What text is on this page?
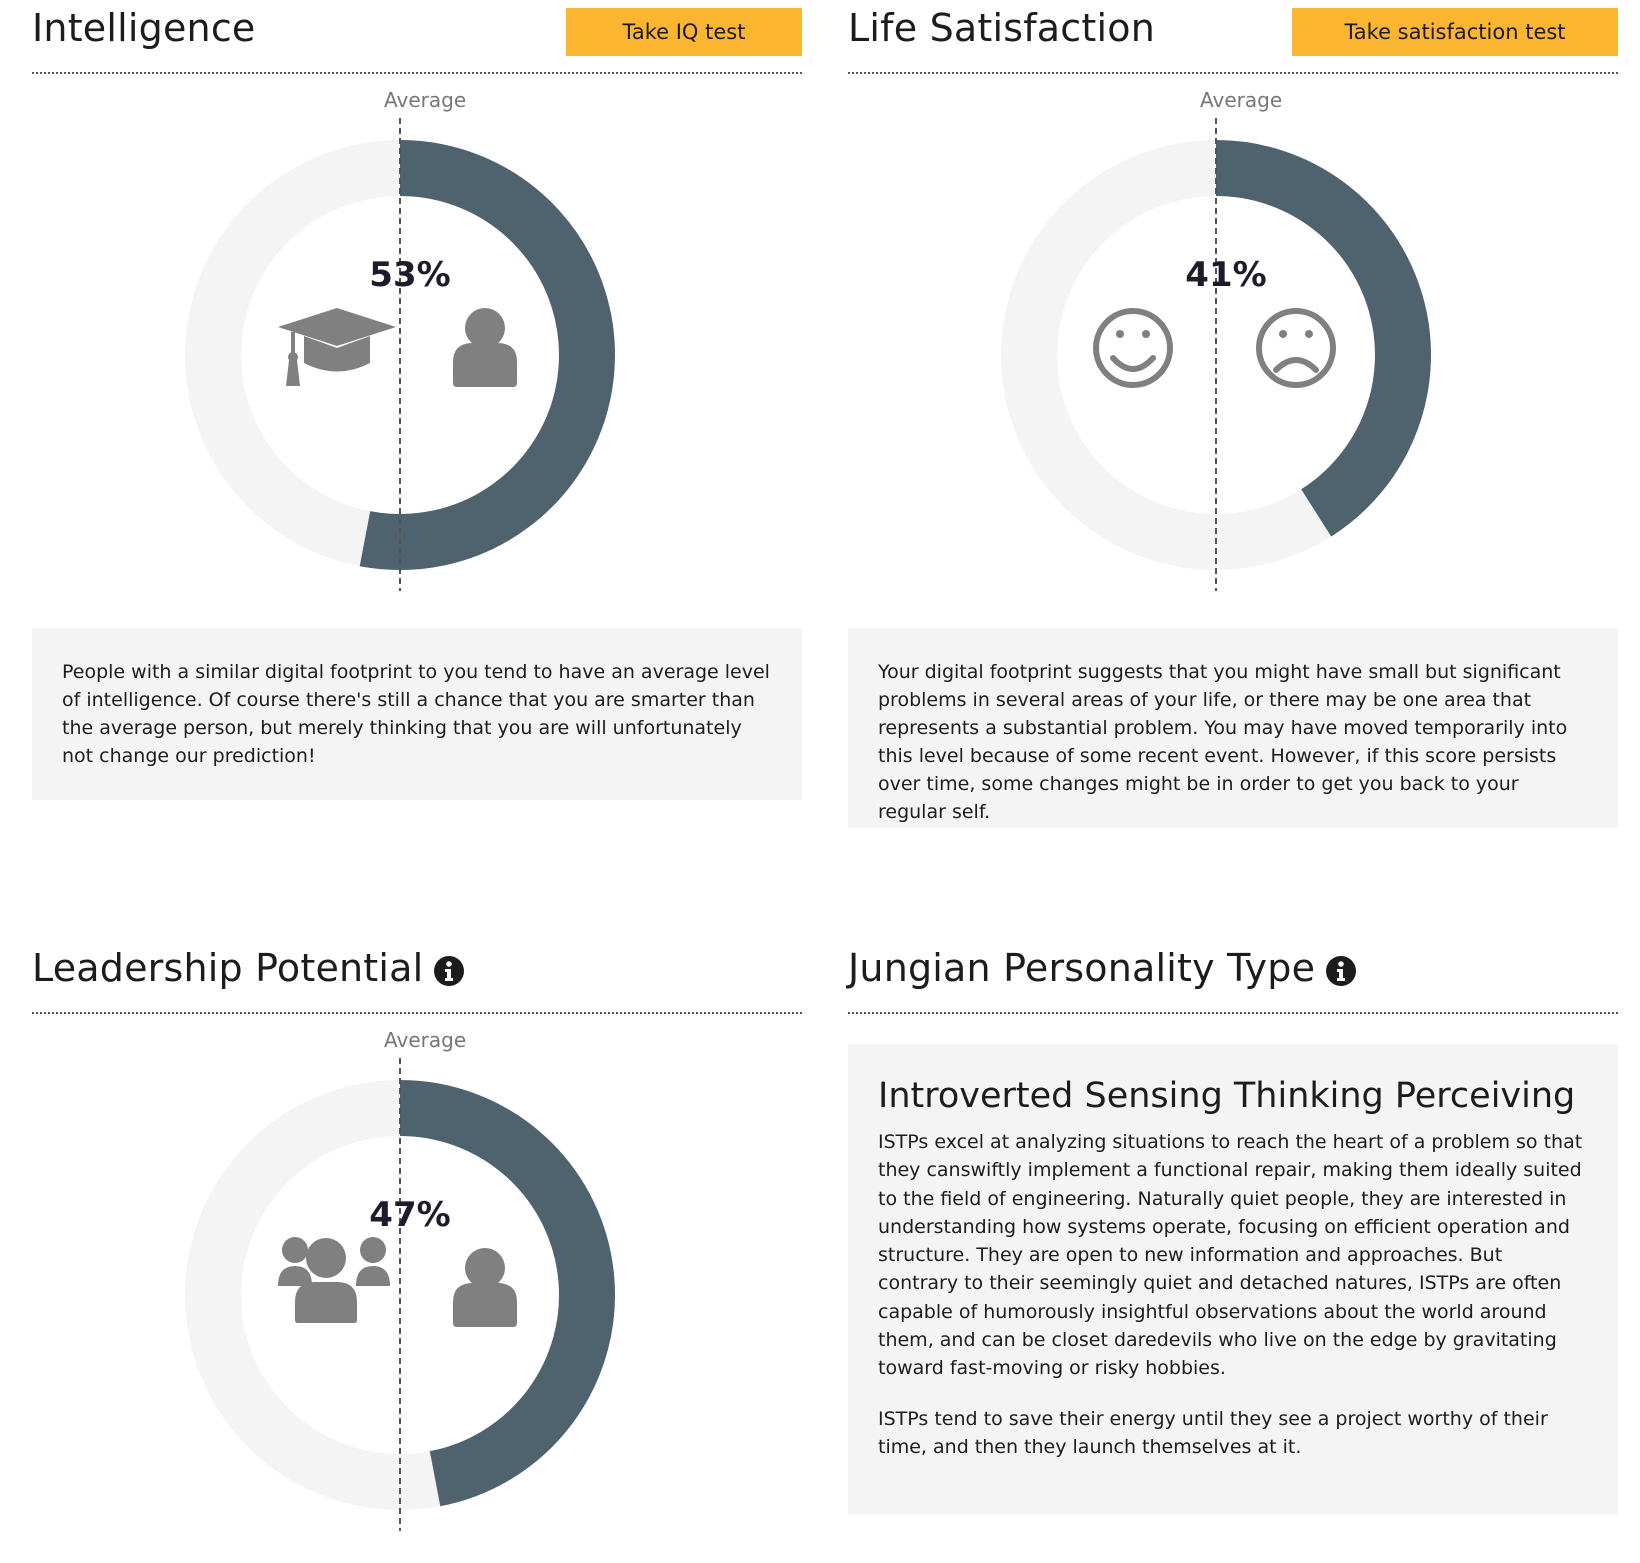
Intelligence	Take IQ test
Average
53%
People with a similar digital footprint to you tend to have an average level of intelligence. Of course there's still a chance that you are smarter than the average person, but merely thinking that you are will unfortunately not change our prediction!
Life Satisfaction	Take satisfaction test
Average
41%
Your digital footprint suggests that you might have small but significant problems in several areas of your life, or there may be one area that represents a substantial problem. You may have moved temporarily into this level because of some recent event. However, if this score persists over time, some changes might be in order to get you back to your regular self.
Leadership Potential
Average
47%
Jungian Personality Type
Introverted Sensing Thinking Perceiving

ISTPs excel at analyzing situations to reach the heart of a problem so that they canswiftly implement a functional repair, making them ideally suited to the field of engineering. Naturally quiet people, they are interested in understanding how systems operate, focusing on efficient operation and structure. They are open to new information and approaches. But contrary to their seemingly quiet and detached natures, ISTPs are often capable of humorously insightful observations about the world around them, and can be closet daredevils who live on the edge by gravitating toward fast-moving or risky hobbies.

ISTPs tend to save their energy until they see a project worthy of their time, and then they launch themselves at it.
